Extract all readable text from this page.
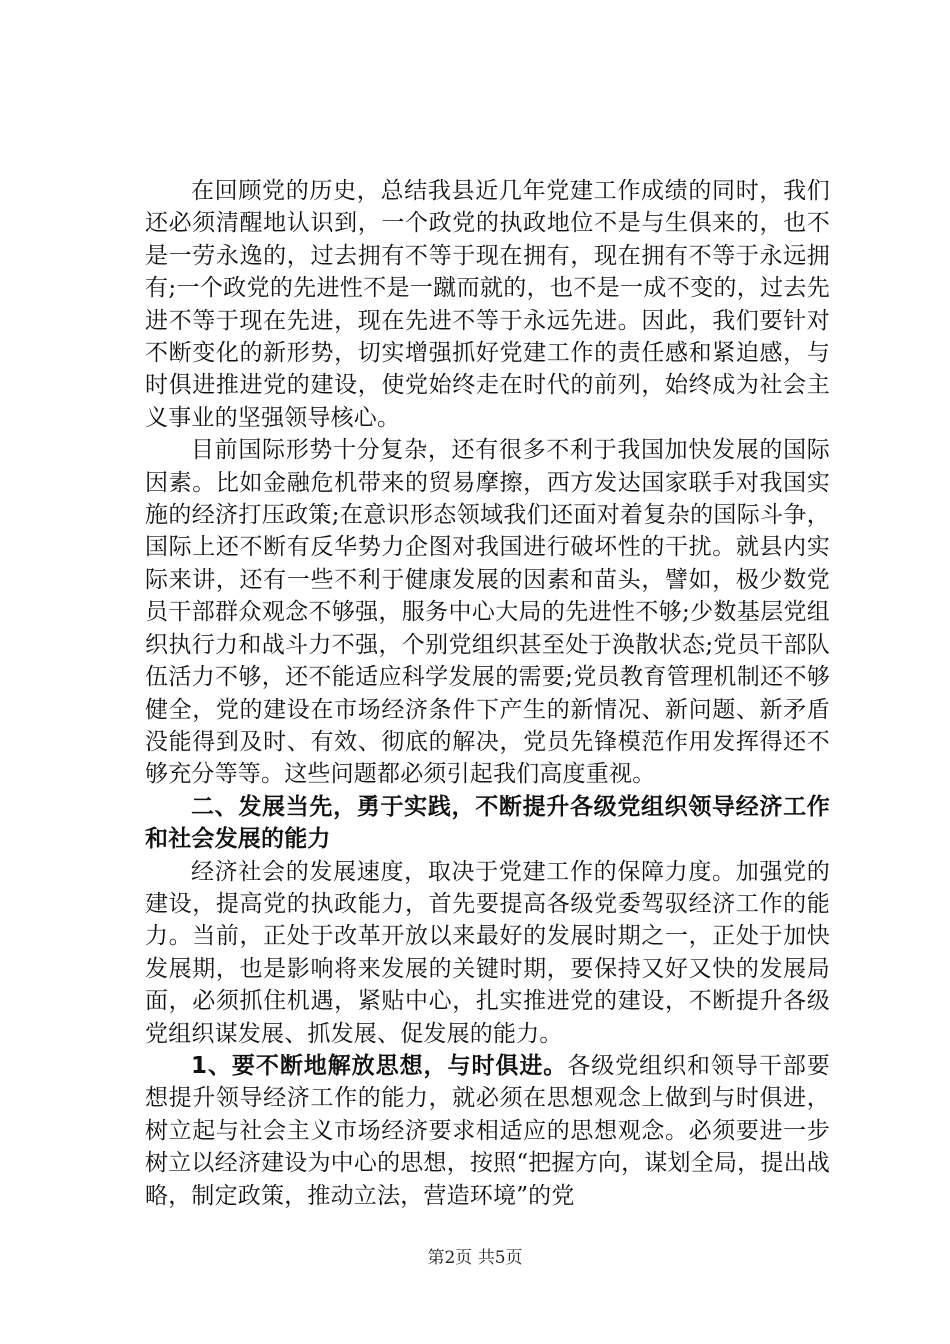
在回顾党的历史，总结我县近几年党建工作成绩的同时，我们还必须清醒地认识到，一个政党的执政地位不是与生俱来的，也不是一劳永逸的，过去拥有不等于现在拥有，现在拥有不等于永远拥有;一个政党的先进性不是一蹴而就的，也不是一成不变的，过去先进不等于现在先进，现在先进不等于永远先进。因此，我们要针对不断变化的新形势，切实增强抓好党建工作的责任感和紧迫感，与时俱进推进党的建设，使党始终走在时代的前列，始终成为社会主义事业的坚强领导核心。

目前国际形势十分复杂，还有很多不利于我国加快发展的国际因素。比如金融危机带来的贸易摩擦，西方发达国家联手对我国实施的经济打压政策;在意识形态领域我们还面对着复杂的国际斗争，国际上还不断有反华势力企图对我国进行破坏性的干扰。就县内实际来讲，还有一些不利于健康发展的因素和苗头，譬如，极少数党员干部群众观念不够强，服务中心大局的先进性不够;少数基层党组织执行力和战斗力不强，个别党组织甚至处于涣散状态;党员干部队伍活力不够，还不能适应科学发展的需要;党员教育管理机制还不够健全，党的建设在市场经济条件下产生的新情况、新问题、新矛盾没能得到及时、有效、彻底的解决，党员先锋模范作用发挥得还不够充分等等。这些问题都必须引起我们高度重视。

二、发展当先，勇于实践，不断提升各级党组织领导经济工作和社会发展的能力

经济社会的发展速度，取决于党建工作的保障力度。加强党的建设，提高党的执政能力，首先要提高各级党委驾驭经济工作的能力。当前，正处于改革开放以来最好的发展时期之一，正处于加快发展期，也是影响将来发展的关键时期，要保持又好又快的发展局面，必须抓住机遇，紧贴中心，扎实推进党的建设，不断提升各级党组织谋发展、抓发展、促发展的能力。

1、要不断地解放思想，与时俱进。各级党组织和领导干部要想提升领导经济工作的能力，就必须在思想观念上做到与时俱进，树立起与社会主义市场经济要求相适应的思想观念。必须要进一步树立以经济建设为中心的思想，按照“把握方向，谋划全局，提出战略，制定政策，推动立法，营造环境”的党

第2页 共5页
